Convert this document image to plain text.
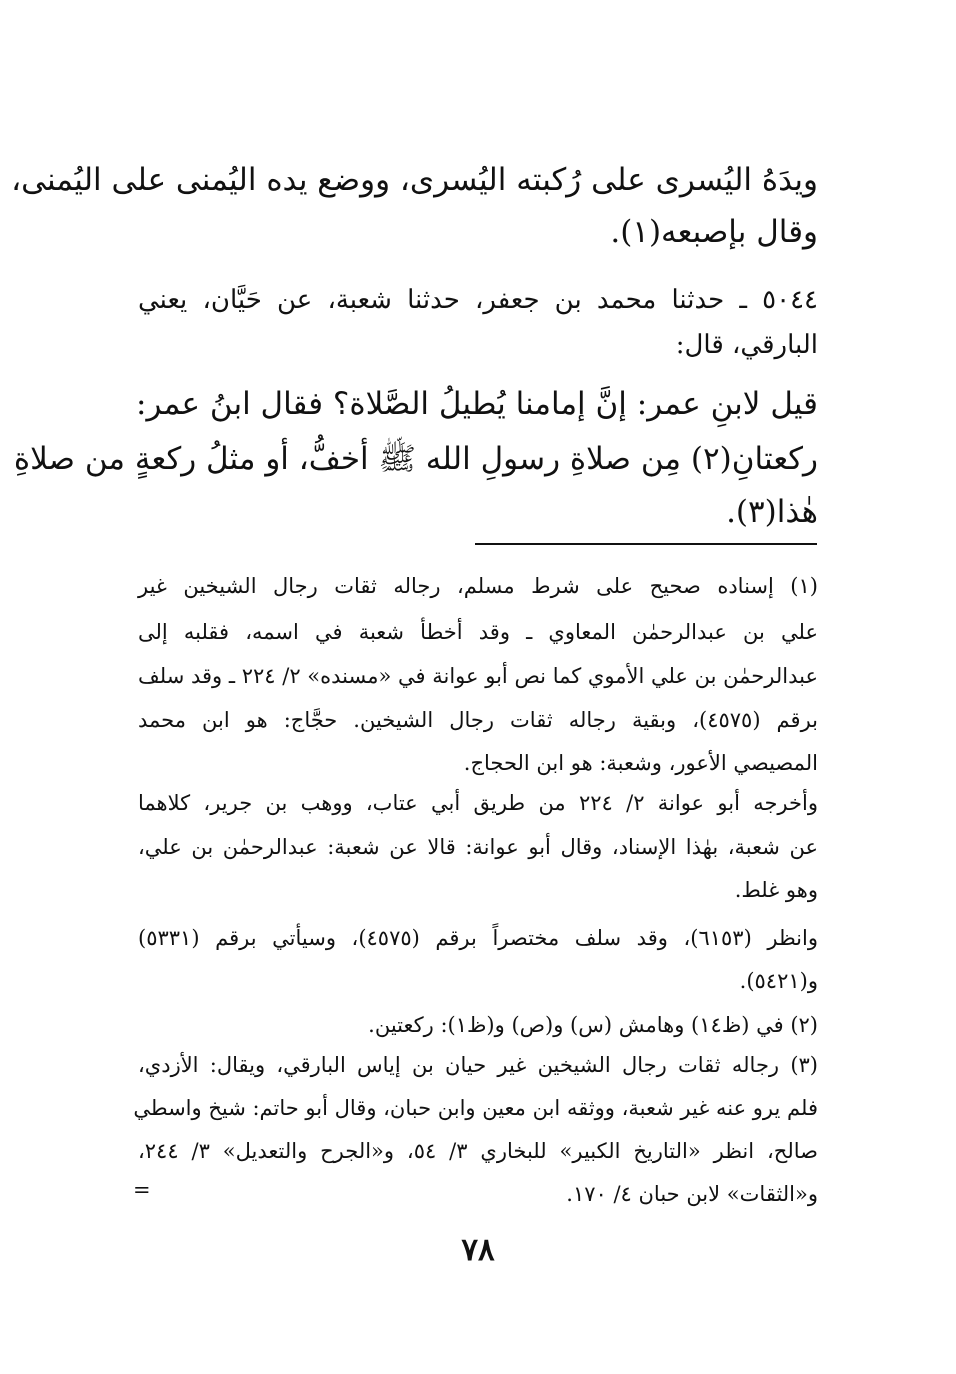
ويدَهُ اليُسرى على رُكبته اليُسرى، ووضع يده اليُمنى على اليُمنى،
وقال بإصبعه(١).
٥٠٤٤ ـ حدثنا محمد بن جعفر، حدثنا شعبة، عن حَيَّان، يعني
البارقي، قال:
قيل لابنِ عمر: إنَّ إمامنا يُطيلُ الصَّلاة؟ فقال ابنُ عمر:
ركعتانِ(٢) مِن صلاةِ رسولِ الله ﷺ أخفُّ، أو مثلُ ركعةٍ من صلاةِ
هٰذا(٣).
(١) إسناده صحيح على شرط مسلم، رجاله ثقات رجال الشيخين غير
علي بن عبدالرحمٰن المعاوي ـ وقد أخطأ شعبة في اسمه، فقلبه إلى
عبدالرحمٰن بن علي الأموي كما نص أبو عوانة في «مسنده» ٢/ ٢٢٤ ـ وقد سلف
برقم (٤٥٧٥)، وبقية رجاله ثقات رجال الشيخين. حجَّاج: هو ابن محمد
المصيصي الأعور، وشعبة: هو ابن الحجاج.
وأخرجه أبو عوانة ٢/ ٢٢٤ من طريق أبي عتاب، ووهب بن جرير، كلاهما
عن شعبة، بهٰذا الإسناد، وقال أبو عوانة: قالا عن شعبة: عبدالرحمٰن بن علي،
وهو غلط.
وانظر (٦١٥٣)، وقد سلف مختصراً برقم (٤٥٧٥)، وسيأتي برقم (٥٣٣١)
و(٥٤٢١).
(٢) في (ظ١٤) وهامش (س) و(ص) و(ظ١): ركعتين.
(٣) رجاله ثقات رجال الشيخين غير حيان بن إياس البارقي، ويقال: الأزدي،
فلم يرو عنه غير شعبة، ووثقه ابن معين وابن حبان، وقال أبو حاتم: شيخ واسطي
صالح، انظر «التاريخ الكبير» للبخاري ٣/ ٥٤، و«الجرح والتعديل» ٣/ ٢٤٤،
و«الثقات» لابن حبان ٤/ ١٧٠.
=
٧٨
